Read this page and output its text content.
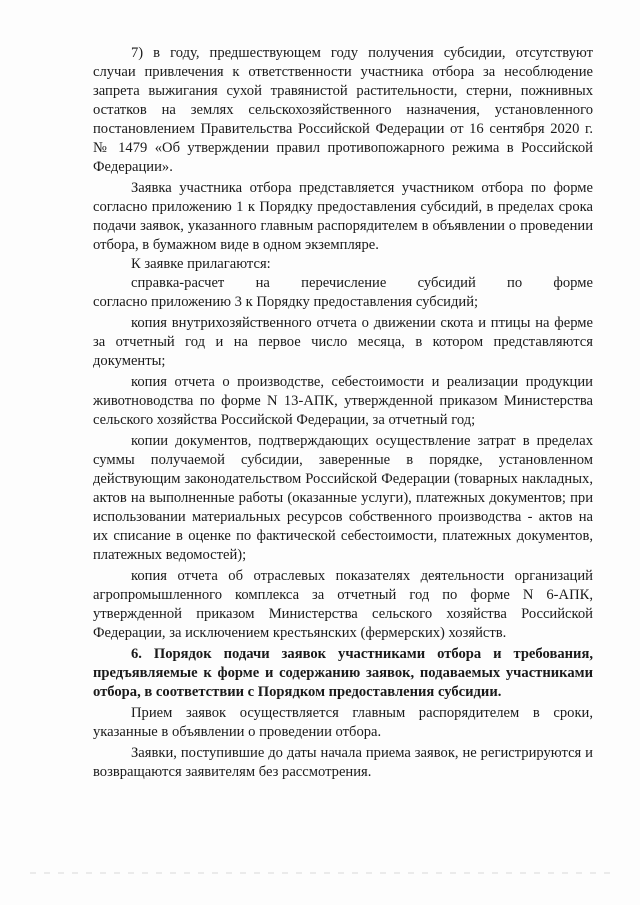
7) в году, предшествующем году получения субсидии, отсутствуют случаи привлечения к ответственности участника отбора за несоблюдение запрета выжигания сухой травянистой растительности, стерни, пожнивных остатков на землях сельскохозяйственного назначения, установленного постановлением Правительства Российской Федерации от 16 сентября 2020 г. № 1479 «Об утверждении правил противопожарного режима в Российской Федерации».

Заявка участника отбора представляется участником отбора по форме согласно приложению 1 к Порядку предоставления субсидий, в пределах срока подачи заявок, указанного главным распорядителем в объявлении о проведении отбора, в бумажном виде в одном экземпляре.

К заявке прилагаются:

справка-расчет на перечисление субсидий по форме

согласно приложению 3 к Порядку предоставления субсидий;

копия внутрихозяйственного отчета о движении скота и птицы на ферме за отчетный год и на первое число месяца, в котором представляются документы;

копия отчета о производстве, себестоимости и реализации продукции животноводства по форме N 13-АПК, утвержденной приказом Министерства сельского хозяйства Российской Федерации, за отчетный год;

копии документов, подтверждающих осуществление затрат в пределах суммы получаемой субсидии, заверенные в порядке, установленном действующим законодательством Российской Федерации (товарных накладных, актов на выполненные работы (оказанные услуги), платежных документов; при использовании материальных ресурсов собственного производства - актов на их списание в оценке по фактической себестоимости, платежных документов, платежных ведомостей);

копия отчета об отраслевых показателях деятельности организаций агропромышленного комплекса за отчетный год по форме N 6-АПК, утвержденной приказом Министерства сельского хозяйства Российской Федерации, за исключением крестьянских (фермерских) хозяйств.

6. Порядок подачи заявок участниками отбора и требования, предъявляемые к форме и содержанию заявок, подаваемых участниками отбора, в соответствии с Порядком предоставления субсидии.

Прием заявок осуществляется главным распорядителем в сроки, указанные в объявлении о проведении отбора.

Заявки, поступившие до даты начала приема заявок, не регистрируются и возвращаются заявителям без рассмотрения.
